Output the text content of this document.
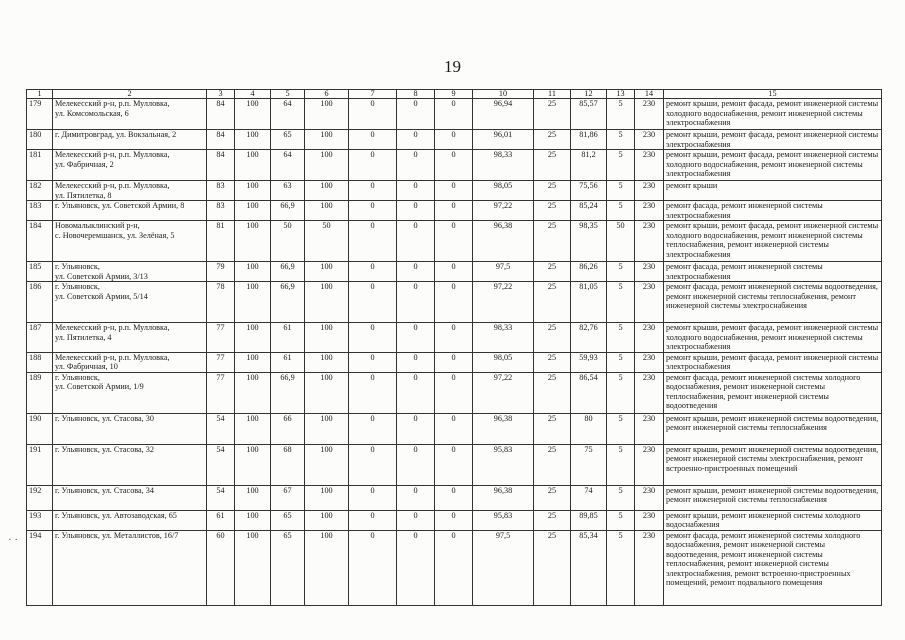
19
1	2	3	4	5	6	7	8	9	10	11	12	13	14	15
179	Мелекесский р-н, р.п. Мулловка,
ул. Комсомольская, 6	84	100	64	100	0	0	0	96,94	25	85,57	5	230	ремонт крыши, ремонт фасада, ремонт инженерной системы холодного водоснабжения, ремонт инженерной системы электроснабжения
180	г. Димитровград, ул. Вокзальная, 2	84	100	65	100	0	0	0	96,01	25	81,86	5	230	ремонт крыши, ремонт фасада, ремонт инженерной системы электроснабжения
181	Мелекесский р-н, р.п. Мулловка,
ул. Фабричная, 2	84	100	64	100	0	0	0	98,33	25	81,2	5	230	ремонт крыши, ремонт фасада, ремонт инженерной системы холодного водоснабжения, ремонт инженерной системы электроснабжения
182	Мелекесский р-н, р.п. Мулловка,
ул. Пятилетка, 8	83	100	63	100	0	0	0	98,05	25	75,56	5	230	ремонт крыши
183	г. Ульяновск, ул. Советской Армии, 8	83	100	66,9	100	0	0	0	97,22	25	85,24	5	230	ремонт фасада, ремонт инженерной системы электроснабжения
184	Новомалыклинский р-н,
с. Новочеремшанск, ул. Зелёная, 5	81	100	50	50	0	0	0	96,38	25	98,35	50	230	ремонт крыши, ремонт фасада, ремонт инженерной системы холодного водоснабжения, ремонт инженерной системы теплоснабжения, ремонт инженерной системы электроснабжения
185	г. Ульяновск,
ул. Советской Армии, 3/13	79	100	66,9	100	0	0	0	97,5	25	86,26	5	230	ремонт фасада, ремонт инженерной системы электроснабжения
186	г. Ульяновск,
ул. Советской Армии, 5/14	78	100	66,9	100	0	0	0	97,22	25	81,05	5	230	ремонт фасада, ремонт инженерной системы водоотведения, ремонт инженерной системы теплоснабжения, ремонт инженерной системы электроснабжения
187	Мелекесский р-н, р.п. Мулловка,
ул. Пятилетка, 4	77	100	61	100	0	0	0	98,33	25	82,76	5	230	ремонт крыши, ремонт фасада, ремонт инженерной системы холодного водоснабжения, ремонт инженерной системы электроснабжения
188	Мелекесский р-н, р.п. Мулловка,
ул. Фабричная, 10	77	100	61	100	0	0	0	98,05	25	59,93	5	230	ремонт крыши, ремонт фасада, ремонт инженерной системы электроснабжения
189	г. Ульяновск,
ул. Советской Армии, 1/9	77	100	66,9	100	0	0	0	97,22	25	86,54	5	230	ремонт фасада, ремонт инженерной системы холодного водоснабжения, ремонт инженерной системы теплоснабжения, ремонт инженерной системы водоотведения
190	г. Ульяновск, ул. Стасова, 30	54	100	66	100	0	0	0	96,38	25	80	5	230	ремонт крыши, ремонт инженерной системы водоотведения, ремонт инженерной системы теплоснабжения
191	г. Ульяновск, ул. Стасова, 32	54	100	68	100	0	0	0	95,83	25	75	5	230	ремонт крыши, ремонт инженерной системы водоотведения, ремонт инженерной системы электроснабжения, ремонт встроенно-пристроенных помещений
192	г. Ульяновск, ул. Стасова, 34	54	100	67	100	0	0	0	96,38	25	74	5	230	ремонт крыши, ремонт инженерной системы водоотведения, ремонт инженерной системы теплоснабжения
193	г. Ульяновск, ул. Автозаводская, 65	61	100	65	100	0	0	0	95,83	25	89,85	5	230	ремонт крыши, ремонт инженерной системы холодного водоснабжения
194	г. Ульяновск, ул. Металлистов, 16/7	60	100	65	100	0	0	0	97,5	25	85,34	5	230	ремонт фасада, ремонт инженерной системы холодного водоснабжения, ремонт инженерной системы водоотведения, ремонт инженерной системы теплоснабжения, ремонт инженерной системы электроснабжения, ремонт встроенно-пристроенных помещений, ремонт подвального помещения
· ·
